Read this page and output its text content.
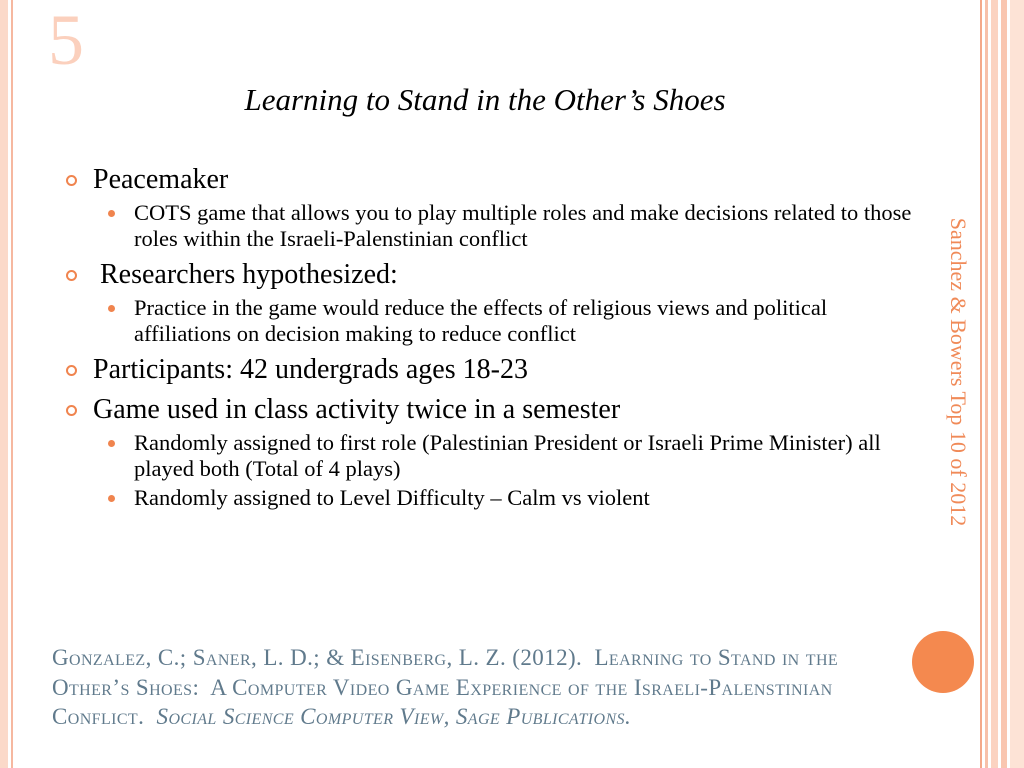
5
Learning to Stand in the Other’s Shoes
Peacemaker
COTS game that allows you to play multiple roles and make decisions related to those roles within the Israeli-Palenstinian conflict
Researchers hypothesized:
Practice in the game would reduce the effects of religious views and political affiliations on decision making to reduce conflict
Participants: 42 undergrads ages 18-23
Game used in class activity twice in a semester
Randomly assigned to first role (Palestinian President or Israeli Prime Minister) all played both (Total of 4 plays)
Randomly assigned to Level Difficulty – Calm vs violent	Sanchez & Bowers Top 10 of 2012
Gonzalez, C.; Saner, L. D.; & Eisenberg, L. Z. (2012).  Learning to Stand in the Other’s Shoes:  A Computer Video Game Experience of the Israeli-Palenstinian Conflict.  Social Science Computer View, Sage Publications.
